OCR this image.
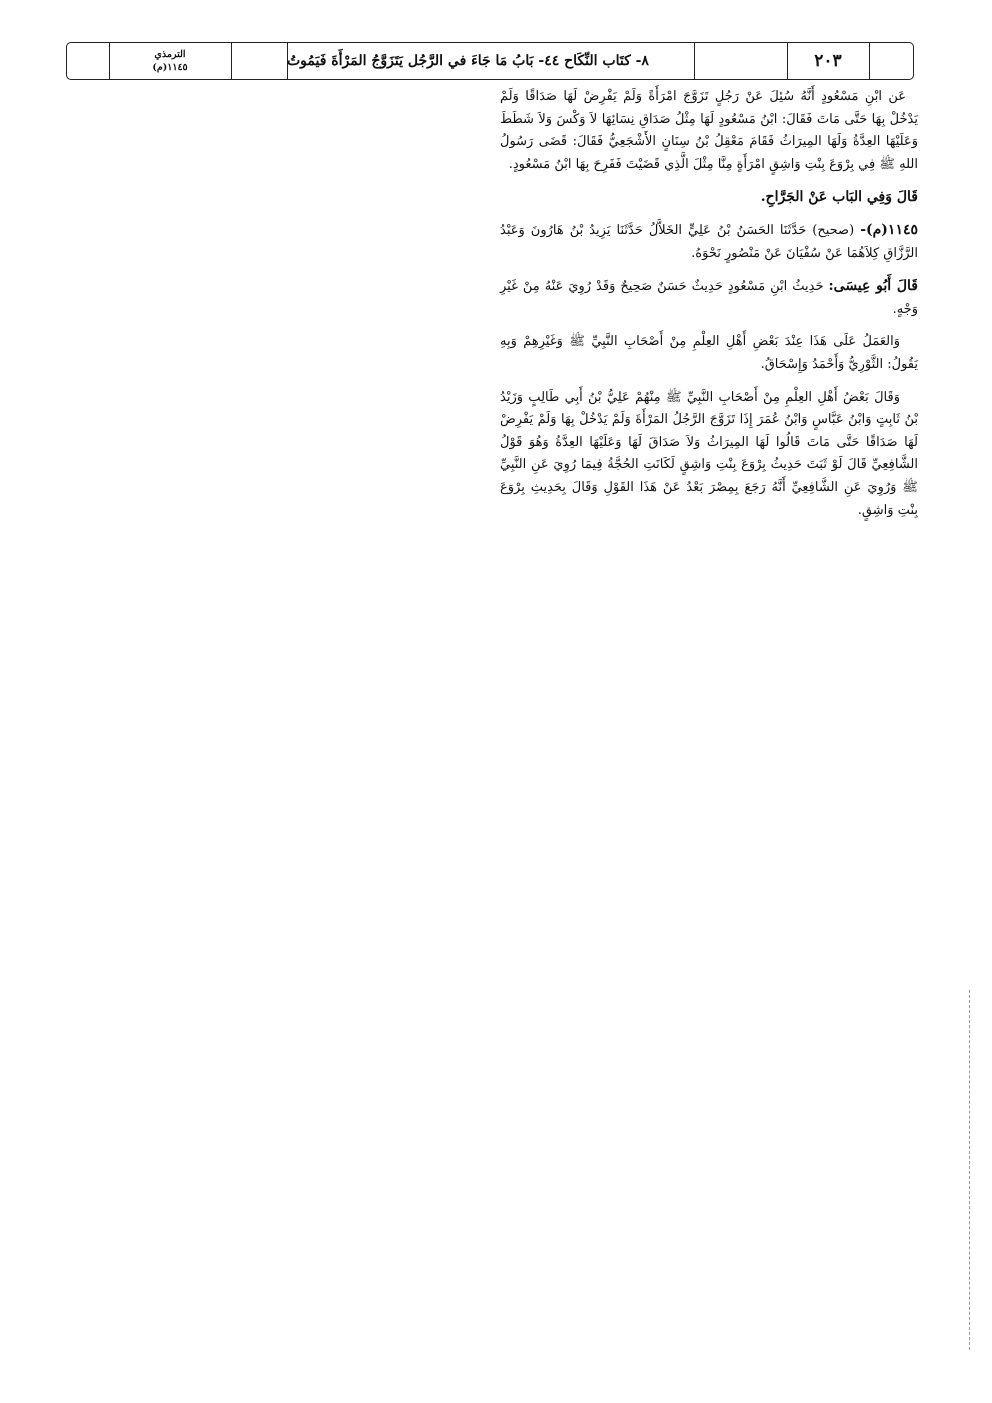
الترمذي
١١٤٥(م)	٨- كتَاب النِّكَاح ٤٤- بَابُ مَا جَاءَ في الرَّجُل يَتَزَوَّجُ المَرْأَةَ فَيَمُوتُ	٢٠٣

عَن ابْنِ مَسْعُودٍ أَنَّهُ سُئِلَ عَنْ رَجُلٍ تَزَوَّجَ امْرَأَةً وَلَمْ يَفْرِضْ لَهَا صَدَاقًا وَلَمْ يَدْخُلْ بِهَا حَتَّى مَاتَ فَقَالَ: ابْنُ مَسْعُودٍ لَهَا مِثْلُ صَدَاقِ نِسَائِهَا لاَ وَكْسَ وَلاَ شَطَطَ وَعَلَيْهَا العِدَّةُ وَلَهَا المِيرَاثُ فَقَامَ مَعْقِلُ بْنُ سِنَانٍ الأَشْجَعِيُّ فَقَالَ: قَضَى رَسُولُ اللهِ ﷺ فِي بِرْوَعَ بِنْتِ وَاشِقٍ امْرَأَةٍ مِنَّا مِثْلَ الَّذِي قَضَيْتَ فَفَرِحَ بِهَا ابْنُ مَسْعُودٍ.

قَالَ وَفِي البَاب عَنْ الجَرَّاحِ.

١١٤٥(م)- (صحيح) حَدَّثَنَا الحَسَنُ بْنُ عَلِيٍّ الخَلاَّلُ حَدَّثَنَا يَزِيدُ بْنُ هَارُونَ وَعَبْدُ الرَّزَّاقِ كِلاَهُمَا عَنْ سُفْيَانَ عَنْ مَنْصُورٍ نَحْوَهُ.

قَالَ أَبُو عِيسَى: حَدِيثُ ابْنِ مَسْعُودٍ حَدِيثٌ حَسَنٌ صَحِيحٌ وَقَدْ رُوِيَ عَنْهُ مِنْ غَيْرِ وَجْهٍ.

وَالعَمَلُ عَلَى هَذَا عِنْدَ بَعْضِ أَهْلِ العِلْمِ مِنْ أَصْحَابِ النَّبِيِّ ﷺ وَغَيْرِهِمْ وَبِهِ يَقُولُ: الثَّوْرِيُّ وَأَحْمَدُ وَإِسْحَاقُ.

وَقَالَ بَعْضُ أَهْلِ العِلْمِ مِنْ أَصْحَابِ النَّبِيِّ ﷺ مِنْهُمْ عَلِيُّ بْنُ أَبِي طَالِبٍ وَزَيْدُ بْنُ ثَابِتٍ وَابْنُ عَبَّاسٍ وَابْنُ عُمَرَ إِذَا تَزَوَّجَ الرَّجُلُ المَرْأَةَ وَلَمْ يَدْخُلْ بِهَا وَلَمْ يَفْرِضْ لَهَا صَدَاقًا حَتَّى مَاتَ قَالُوا لَهَا المِيرَاثُ وَلاَ صَدَاقَ لَهَا وَعَلَيْهَا العِدَّةُ وَهُوَ قَوْلُ الشَّافِعِيِّ قَالَ لَوْ ثَبَتَ حَدِيثُ بِرْوَعَ بِنْتِ وَاشِقٍ لَكَانَتِ الحُجَّةُ فِيمَا رُوِيَ عَنِ النَّبِيِّ ﷺ وَرُوِيَ عَنِ الشَّافِعِيِّ أَنَّهُ رَجَعَ بِمِصْرَ بَعْدُ عَنْ هَذَا القَوْلِ وَقَالَ بِحَدِيثِ بِرْوَعَ بِنْتِ وَاشِقٍ.
